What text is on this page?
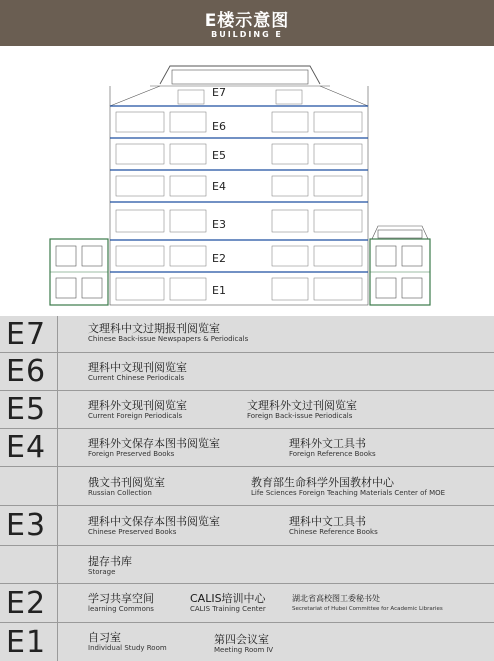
E楼示意图
BUILDING E
E7
E6
E5
E4
E3
E2
E1
E7	文理科中文过期报刊阅览室
Chinese Back-issue Newspapers & Periodicals
E6	理科中文现刊阅览室
Current Chinese Periodicals
E5	理科外文现刊阅览室
Current Foreign Periodicals
文理科外文过刊阅览室
Foreign Back-issue Periodicals
E4	理科外文保存本图书阅览室
Foreign Preserved Books
理科外文工具书
Foreign Reference Books
俄文书刊阅览室
Russian Collection
教育部生命科学外国教材中心
Life Sciences Foreign Teaching Materials Center of MOE
E3	理科中文保存本图书阅览室
Chinese Preserved Books
理科中文工具书
Chinese Reference Books
提存书库
Storage
E2	学习共享空间
learning Commons
CALIS培训中心
CALIS Training Center
湖北省高校图工委秘书处
Secretariat of Hubei Committee for Academic Libraries
E1	自习室
Individual Study Room
第四会议室
Meeting Room Ⅳ
